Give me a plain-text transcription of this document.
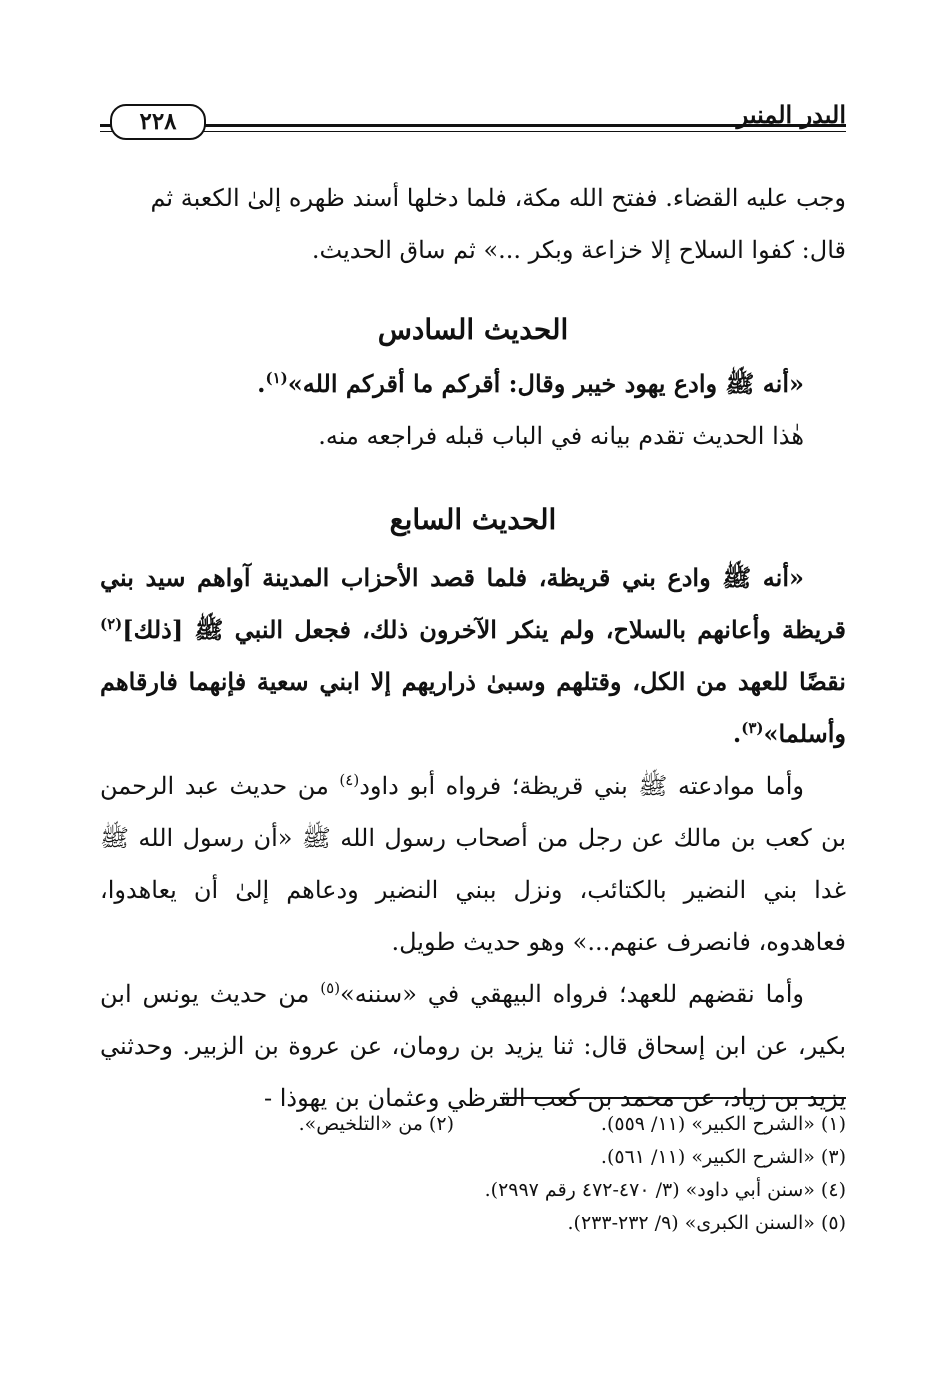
البدر المنير
٢٢٨

وجب عليه القضاء. ففتح الله مكة، فلما دخلها أسند ظهره إلىٰ الكعبة ثم

قال: كفوا السلاح إلا خزاعة وبكر ...» ثم ساق الحديث.

الحديث السادس

«أنه ﷺ وادع يهود خيبر وقال: أقركم ما أقركم الله»$^{(١)}$.

هٰذا الحديث تقدم بيانه في الباب قبله فراجعه منه.

الحديث السابع

«أنه ﷺ وادع بني قريظة، فلما قصد الأحزاب المدينة آواهم سيد بني قريظة وأعانهم بالسلاح، ولم ينكر الآخرون ذلك، فجعل النبي ﷺ [ذلك]$^{(٢)}$ نقضًا للعهد من الكل، وقتلهم وسبىٰ ذراريهم إلا ابني سعية فإنهما فارقاهم وأسلما»$^{(٣)}$.

وأما موادعته ﷺ بني قريظة؛ فرواه أبو داود$^{(٤)}$ من حديث عبد الرحمن بن كعب بن مالك عن رجل من أصحاب رسول الله ﷺ «أن رسول الله ﷺ غدا بني النضير بالكتائب، ونزل ببني النضير ودعاهم إلىٰ أن يعاهدوا، فعاهدوه، فانصرف عنهم...» وهو حديث طويل.

وأما نقضهم للعهد؛ فرواه البيهقي في «سننه»$^{(٥)}$ من حديث يونس ابن بكير، عن ابن إسحاق قال: ثنا يزيد بن رومان، عن عروة بن الزبير. وحدثني يزيد بن زياد، عن محمد بن كعب القرظي وعثمان بن يهوذا -

(١) «الشرح الكبير» (١١/ ٥٥٩).
(٢) من «التلخيص».
(٣) «الشرح الكبير» (١١/ ٥٦١).
(٤) «سنن أبي داود» (٣/ ٤٧٠-٤٧٢ رقم ٢٩٩٧).
(٥) «السنن الكبرى» (٩/ ٢٣٢-٢٣٣).
